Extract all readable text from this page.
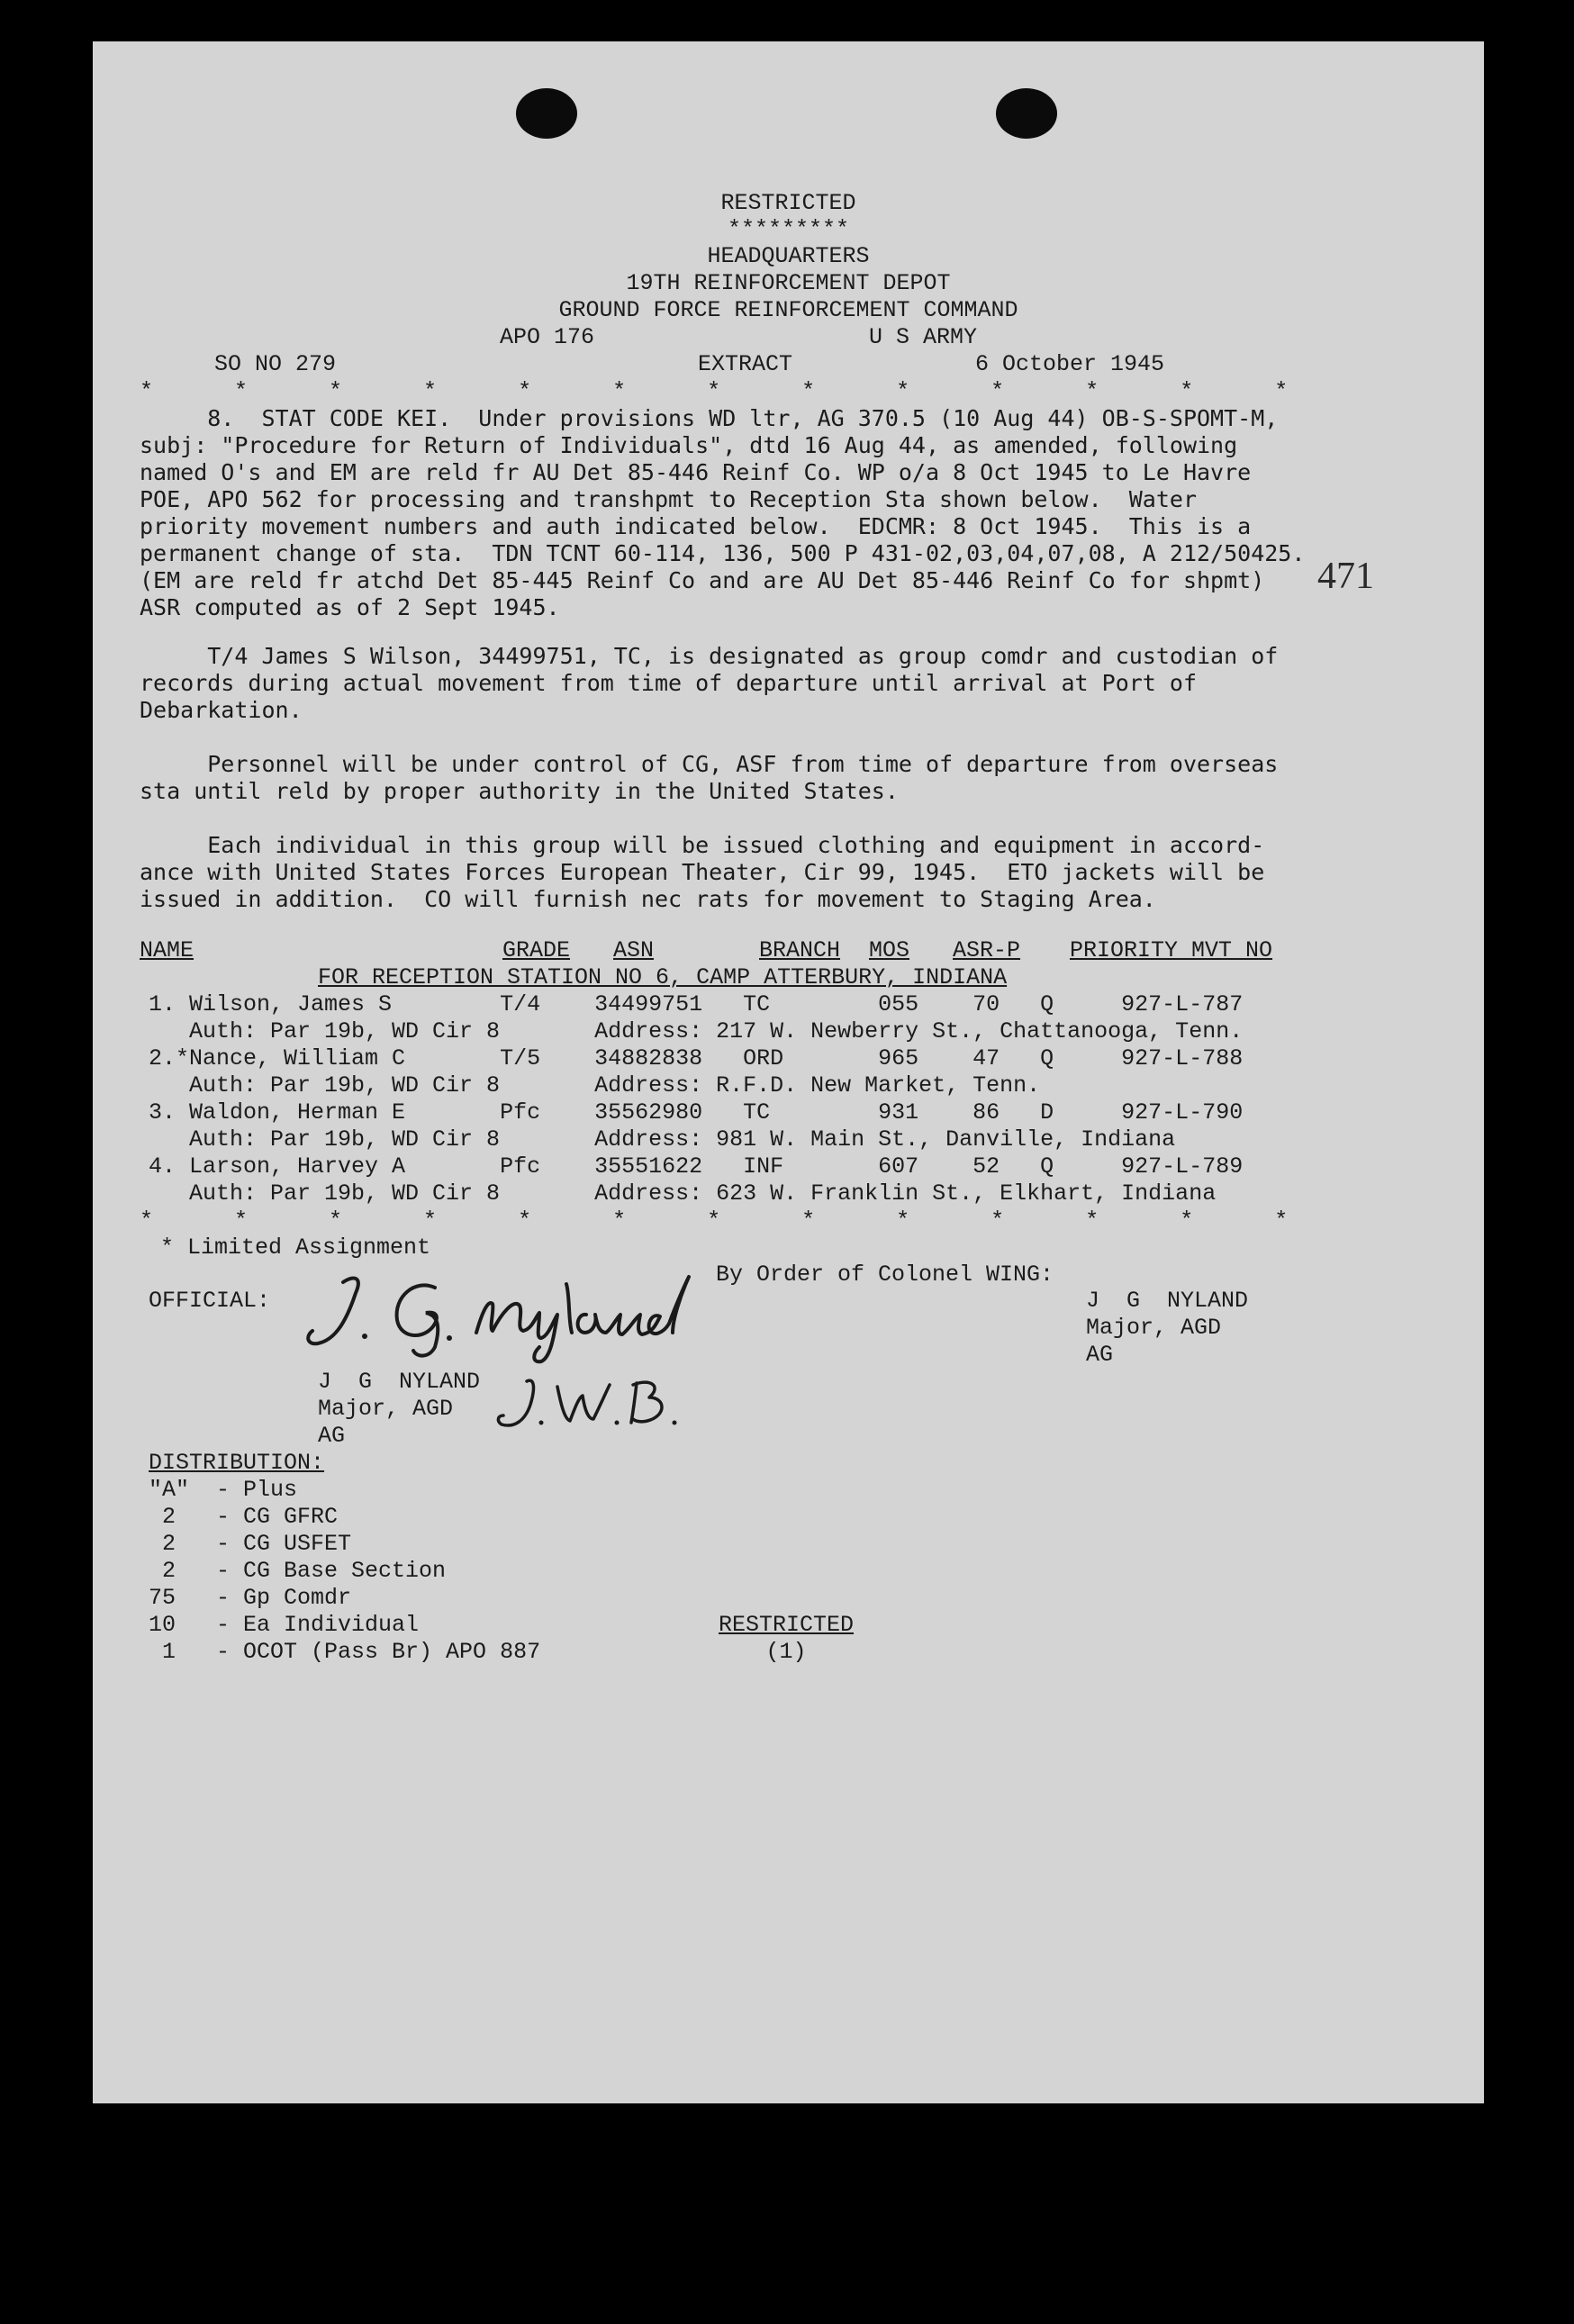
RESTRICTED
*********
HEADQUARTERS
19TH REINFORCEMENT DEPOT
GROUND FORCE REINFORCEMENT COMMAND
APO 176	U S ARMY
SO NO 279	EXTRACT	6 October 1945
*      *      *      *      *      *      *      *      *      *      *      *      *
8.  STAT CODE KEI.  Under provisions WD ltr, AG 370.5 (10 Aug 44) OB-S-SPOMT-M,
subj: "Procedure for Return of Individuals", dtd 16 Aug 44, as amended, following
named O's and EM are reld fr AU Det 85-446 Reinf Co. WP o/a 8 Oct 1945 to Le Havre
POE, APO 562 for processing and transhpmt to Reception Sta shown below.  Water
priority movement numbers and auth indicated below.  EDCMR: 8 Oct 1945.  This is a
permanent change of sta.  TDN TCNT 60-114, 136, 500 P 431-02,03,04,07,08, A 212/50425.
(EM are reld fr atchd Det 85-445 Reinf Co and are AU Det 85-446 Reinf Co for shpmt)
ASR computed as of 2 Sept 1945.
471
T/4 James S Wilson, 34499751, TC, is designated as group comdr and custodian of
records during actual movement from time of departure until arrival at Port of
Debarkation.
Personnel will be under control of CG, ASF from time of departure from overseas
sta until reld by proper authority in the United States.
Each individual in this group will be issued clothing and equipment in accord-
ance with United States Forces European Theater, Cir 99, 1945.  ETO jackets will be
issued in addition.  CO will furnish nec rats for movement to Staging Area.
NAME	GRADE ASN	BRANCH MOS ASR-P PRIORITY MVT NO
FOR RECEPTION STATION NO 6, CAMP ATTERBURY, INDIANA
1. Wilson, James S        T/4    34499751   TC        055    70   Q     927-L-787
Auth: Par 19b, WD Cir 8       Address: 217 W. Newberry St., Chattanooga, Tenn.
2.*Nance, William C       T/5    34882838   ORD       965    47   Q     927-L-788
Auth: Par 19b, WD Cir 8       Address: R.F.D. New Market, Tenn.
3. Waldon, Herman E       Pfc    35562980   TC        931    86   D     927-L-790
Auth: Par 19b, WD Cir 8       Address: 981 W. Main St., Danville, Indiana
4. Larson, Harvey A       Pfc    35551622   INF       607    52   Q     927-L-789
Auth: Par 19b, WD Cir 8       Address: 623 W. Franklin St., Elkhart, Indiana
*      *      *      *      *      *      *      *      *      *      *      *      *
* Limited Assignment
By Order of Colonel WING:
OFFICIAL:	J  G  NYLAND
Major, AGD
AG
J  G  NYLAND
Major, AGD
AG
DISTRIBUTION:
"A"  - Plus
2   - CG GFRC
2   - CG USFET
2   - CG Base Section
75   - Gp Comdr
10   - Ea Individual
1   - OCOT (Pass Br) APO 887
RESTRICTED
(1)
